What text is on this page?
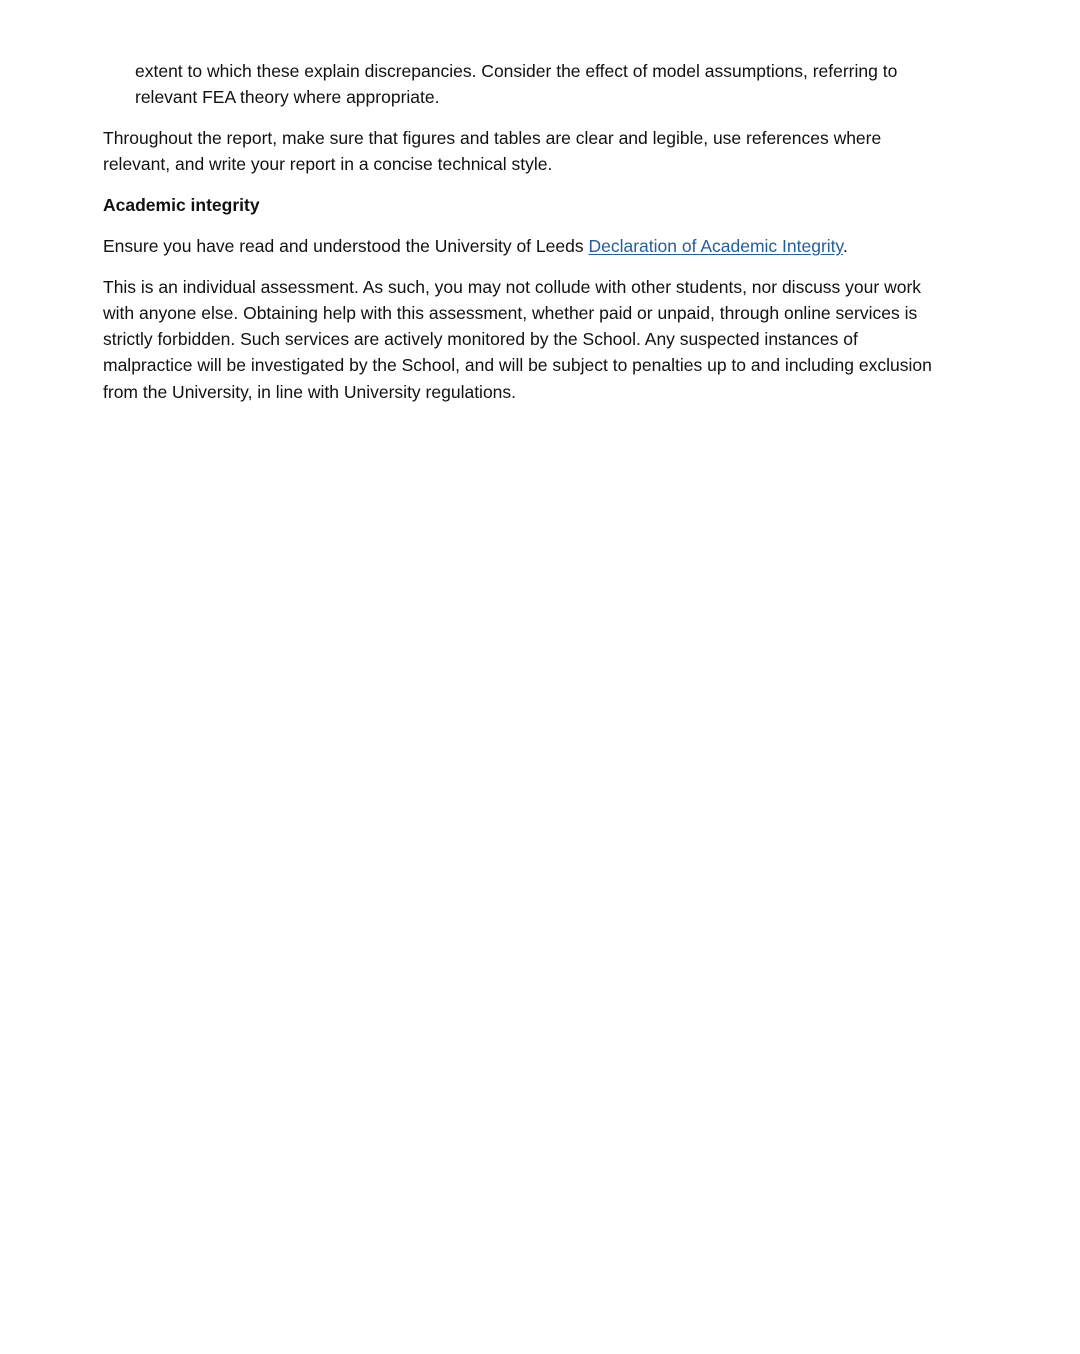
extent to which these explain discrepancies. Consider the effect of model assumptions, referring to
relevant FEA theory where appropriate.
Throughout the report, make sure that figures and tables are clear and legible, use references where
relevant, and write your report in a concise technical style.
Academic integrity
Ensure you have read and understood the University of Leeds Declaration of Academic Integrity.
This is an individual assessment. As such, you may not collude with other students, nor discuss your work
with anyone else. Obtaining help with this assessment, whether paid or unpaid, through online services is
strictly forbidden. Such services are actively monitored by the School. Any suspected instances of
malpractice will be investigated by the School, and will be subject to penalties up to and including exclusion
from the University, in line with University regulations.
